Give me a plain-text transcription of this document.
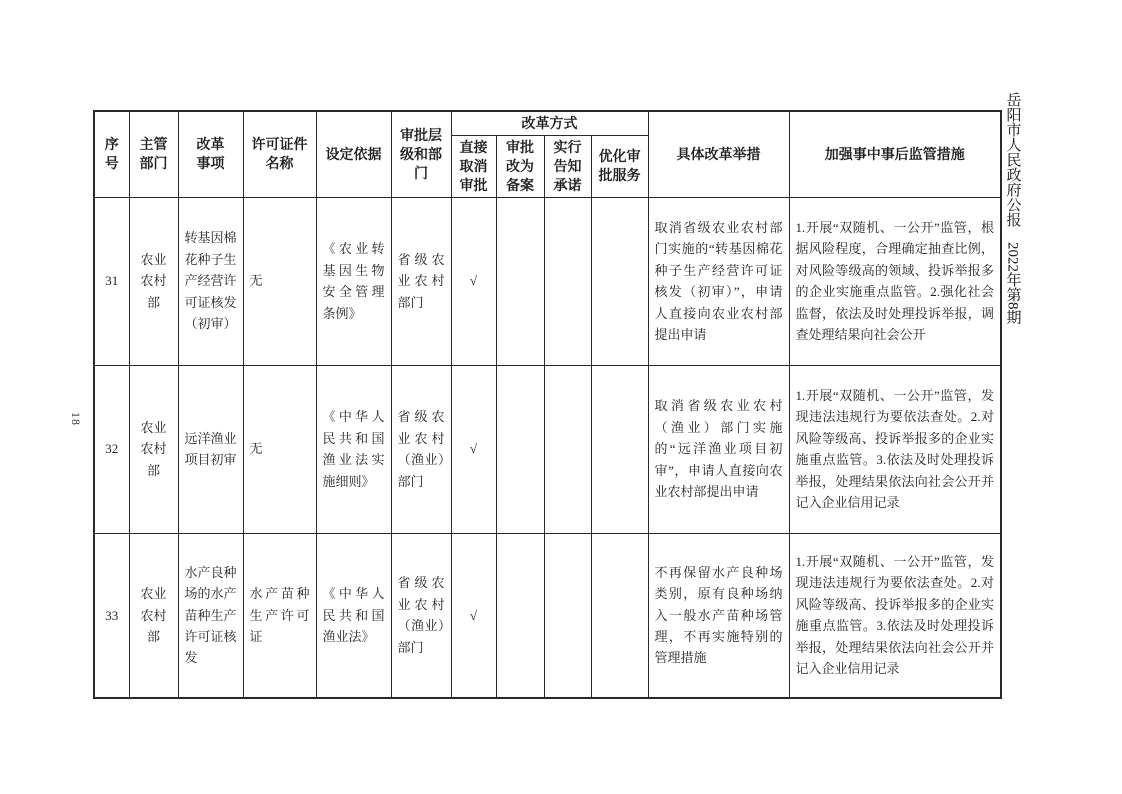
18
岳阳市人民政府公报　2022年第8期
序号	主管部门	改革事项	许可证件名称	设定依据	审批层级和部门	改革方式				具体改革举措	加强事中事后监管措施
						直接取消审批	审批改为备案	实行告知承诺	优化审批服务		
31	农业农村部	转基因棉花种子生产经营许可证核发（初审）	无	《农业转基因生物安全管理条例》	省级农业农村部门	√				取消省级农业农村部门实施的“转基因棉花种子生产经营许可证核发（初审）”，申请人直接向农业农村部提出申请	1.开展“双随机、一公开”监管，根据风险程度，合理确定抽查比例，对风险等级高的领域、投诉举报多的企业实施重点监管。2.强化社会监督，依法及时处理投诉举报，调查处理结果向社会公开
32	农业农村部	远洋渔业项目初审	无	《中华人民共和国渔业法实施细则》	省级农业农村（渔业）部门	√				取消省级农业农村（渔业）部门实施的“远洋渔业项目初审”，申请人直接向农业农村部提出申请	1.开展“双随机、一公开”监管，发现违法违规行为要依法查处。2.对风险等级高、投诉举报多的企业实施重点监管。3.依法及时处理投诉举报，处理结果依法向社会公开并记入企业信用记录
33	农业农村部	水产良种场的水产苗种生产许可证核发	水产苗种生产许可证	《中华人民共和国渔业法》	省级农业农村（渔业）部门	√				不再保留水产良种场类别，原有良种场纳入一般水产苗种场管理，不再实施特别的管理措施	1.开展“双随机、一公开”监管，发现违法违规行为要依法查处。2.对风险等级高、投诉举报多的企业实施重点监管。3.依法及时处理投诉举报，处理结果依法向社会公开并记入企业信用记录
